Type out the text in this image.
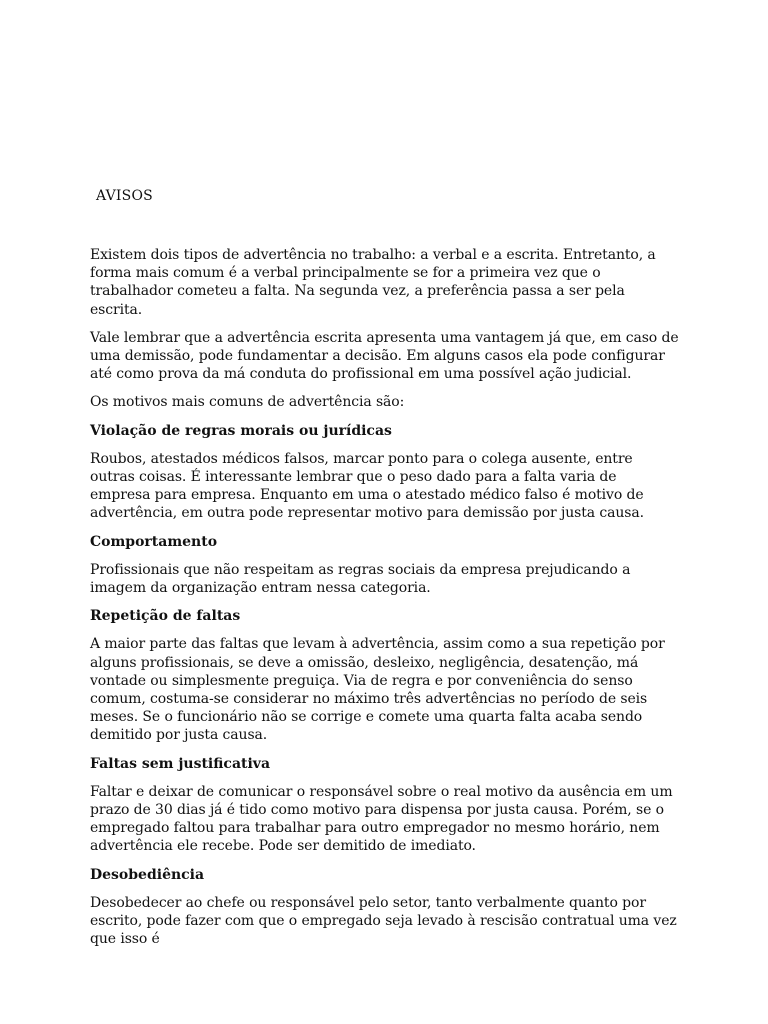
AVISOS

Existem dois tipos de advertência no trabalho: a verbal e a escrita. Entretanto, a forma mais comum é a verbal principalmente se for a primeira vez que o trabalhador cometeu a falta. Na segunda vez, a preferência passa a ser pela escrita.

Vale lembrar que a advertência escrita apresenta uma vantagem já que, em caso de uma demissão, pode fundamentar a decisão. Em alguns casos ela pode configurar até como prova da má conduta do profissional em uma possível ação judicial.

Os motivos mais comuns de advertência são:

Violação de regras morais ou jurídicas

Roubos, atestados médicos falsos, marcar ponto para o colega ausente, entre outras coisas. É interessante lembrar que o peso dado para a falta varia de empresa para empresa. Enquanto em uma o atestado médico falso é motivo de advertência, em outra pode representar motivo para demissão por justa causa.

Comportamento

Profissionais que não respeitam as regras sociais da empresa prejudicando a imagem da organização entram nessa categoria.

Repetição de faltas

A maior parte das faltas que levam à advertência, assim como a sua repetição por alguns profissionais, se deve a omissão, desleixo, negligência, desatenção, má vontade ou simplesmente preguiça. Via de regra e por conveniência do senso comum, costuma-se considerar no máximo três advertências no período de seis meses. Se o funcionário não se corrige e comete uma quarta falta acaba sendo demitido por justa causa.

Faltas sem justificativa

Faltar e deixar de comunicar o responsável sobre o real motivo da ausência em um prazo de 30 dias já é tido como motivo para dispensa por justa causa. Porém, se o empregado faltou para trabalhar para outro empregador no mesmo horário, nem advertência ele recebe. Pode ser demitido de imediato.

Desobediência

Desobedecer ao chefe ou responsável pelo setor, tanto verbalmente quanto por escrito, pode fazer com que o empregado seja levado à rescisão contratual uma vez que isso é
